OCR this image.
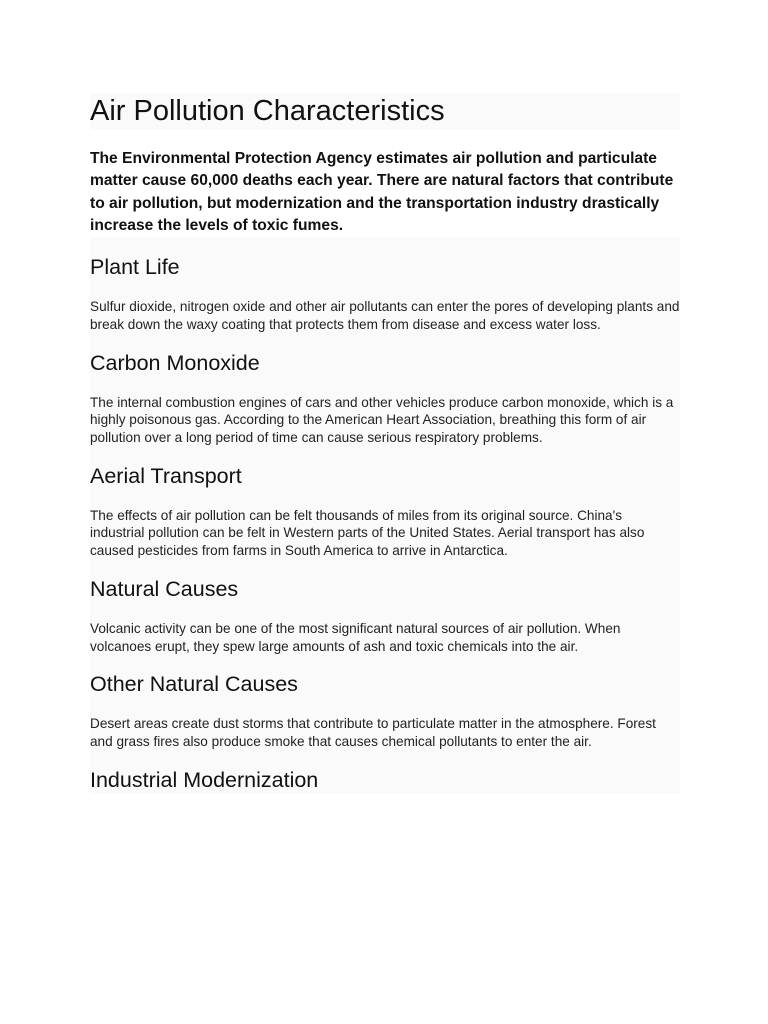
Air Pollution Characteristics

The Environmental Protection Agency estimates air pollution and particulate matter cause 60,000 deaths each year. There are natural factors that contribute to air pollution, but modernization and the transportation industry drastically increase the levels of toxic fumes.

Plant Life

Sulfur dioxide, nitrogen oxide and other air pollutants can enter the pores of developing plants and break down the waxy coating that protects them from disease and excess water loss.

Carbon Monoxide

The internal combustion engines of cars and other vehicles produce carbon monoxide, which is a highly poisonous gas. According to the American Heart Association, breathing this form of air pollution over a long period of time can cause serious respiratory problems.

Aerial Transport

The effects of air pollution can be felt thousands of miles from its original source. China's industrial pollution can be felt in Western parts of the United States. Aerial transport has also caused pesticides from farms in South America to arrive in Antarctica.

Natural Causes

Volcanic activity can be one of the most significant natural sources of air pollution. When volcanoes erupt, they spew large amounts of ash and toxic chemicals into the air.

Other Natural Causes

Desert areas create dust storms that contribute to particulate matter in the atmosphere. Forest and grass fires also produce smoke that causes chemical pollutants to enter the air.

Industrial Modernization
